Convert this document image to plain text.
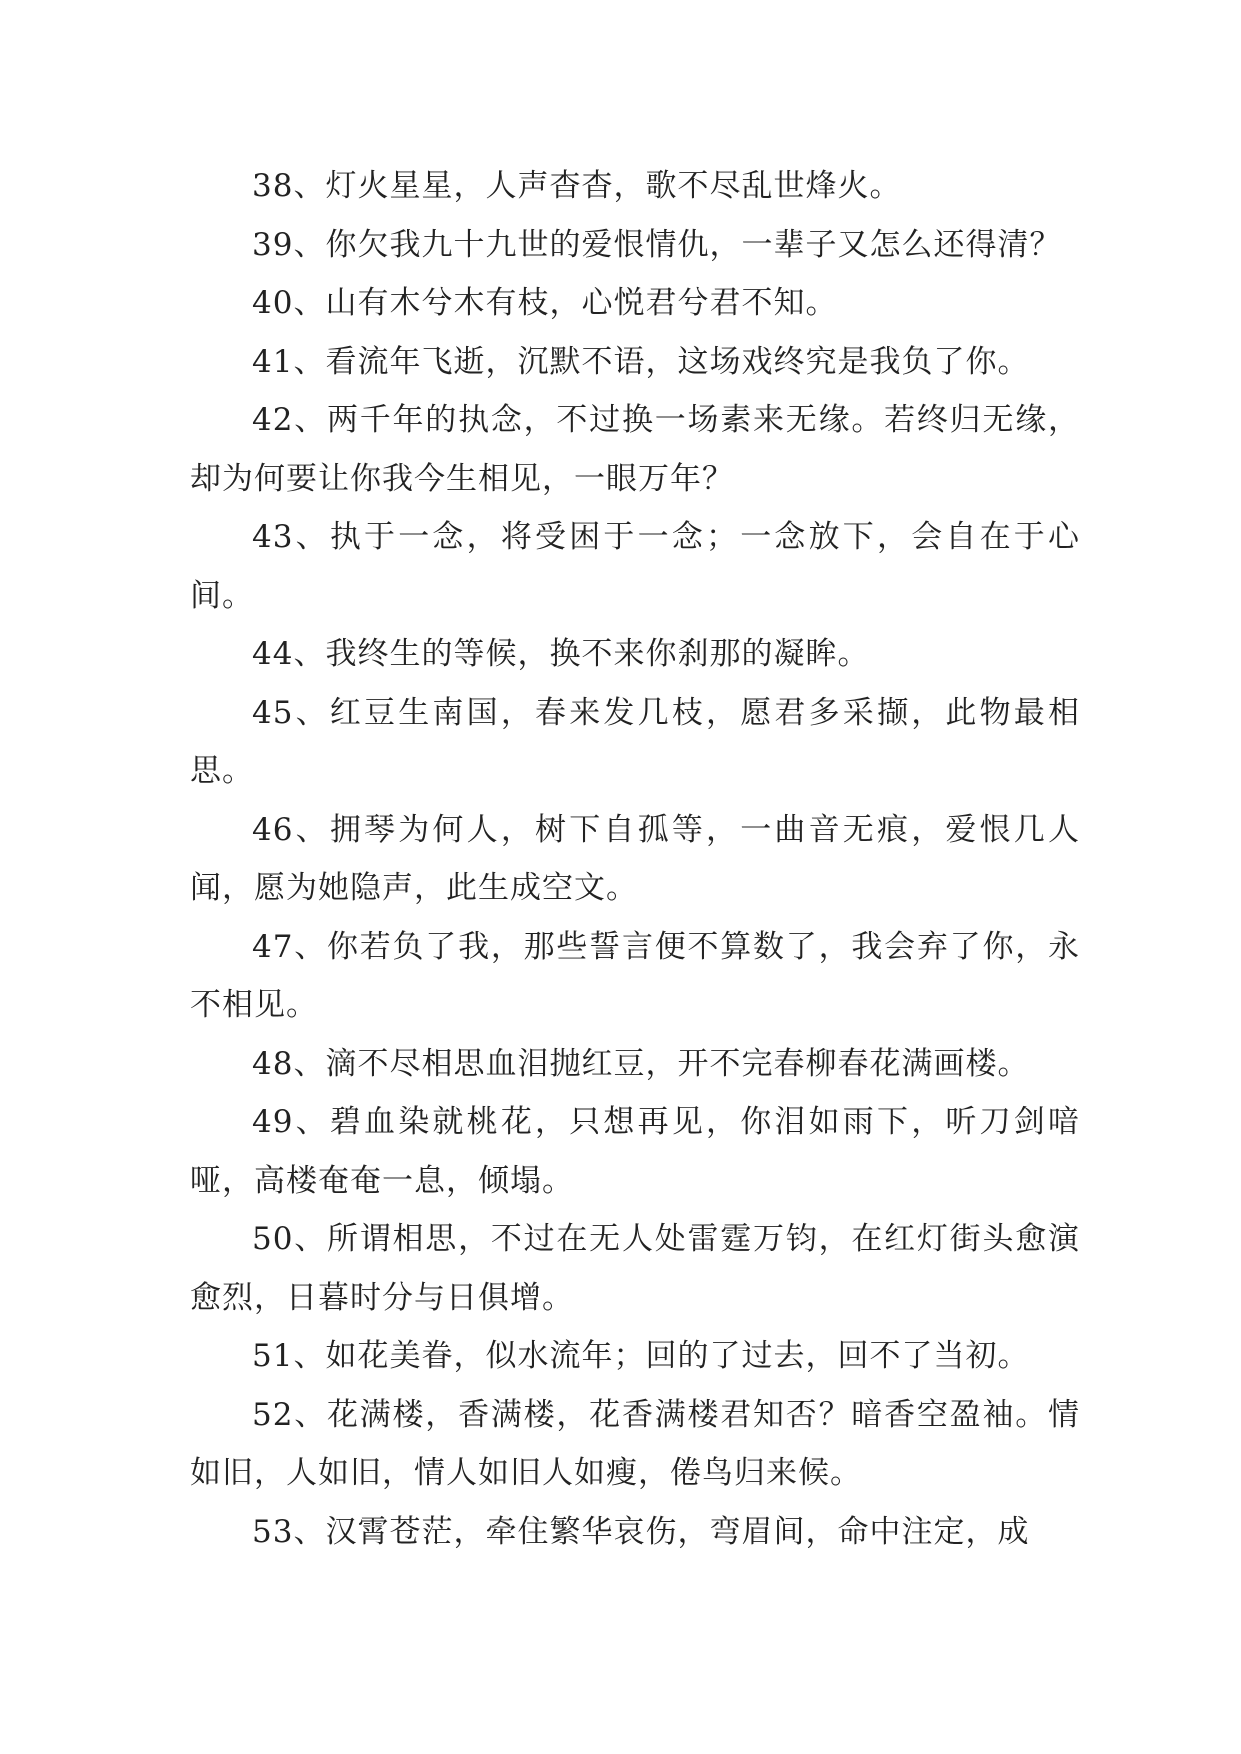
38、灯火星星，人声杳杳，歌不尽乱世烽火。

39、你欠我九十九世的爱恨情仇，一辈子又怎么还得清？

40、山有木兮木有枝，心悦君兮君不知。

41、看流年飞逝，沉默不语，这场戏终究是我负了你。

42、两千年的执念，不过换一场素来无缘。若终归无缘，却为何要让你我今生相见，一眼万年？

43、执于一念，将受困于一念；一念放下，会自在于心间。

44、我终生的等候，换不来你刹那的凝眸。

45、红豆生南国，春来发几枝，愿君多采撷，此物最相思。

46、拥琴为何人，树下自孤等，一曲音无痕，爱恨几人闻，愿为她隐声，此生成空文。

47、你若负了我，那些誓言便不算数了，我会弃了你，永不相见。

48、滴不尽相思血泪抛红豆，开不完春柳春花满画楼。

49、碧血染就桃花，只想再见，你泪如雨下，听刀剑喑哑，高楼奄奄一息，倾塌。

50、所谓相思，不过在无人处雷霆万钧，在红灯街头愈演愈烈，日暮时分与日俱增。

51、如花美眷，似水流年；回的了过去，回不了当初。

52、花满楼，香满楼，花香满楼君知否？暗香空盈袖。情如旧，人如旧，情人如旧人如瘦，倦鸟归来候。

53、汉霄苍茫，牵住繁华哀伤，弯眉间，命中注定，成
